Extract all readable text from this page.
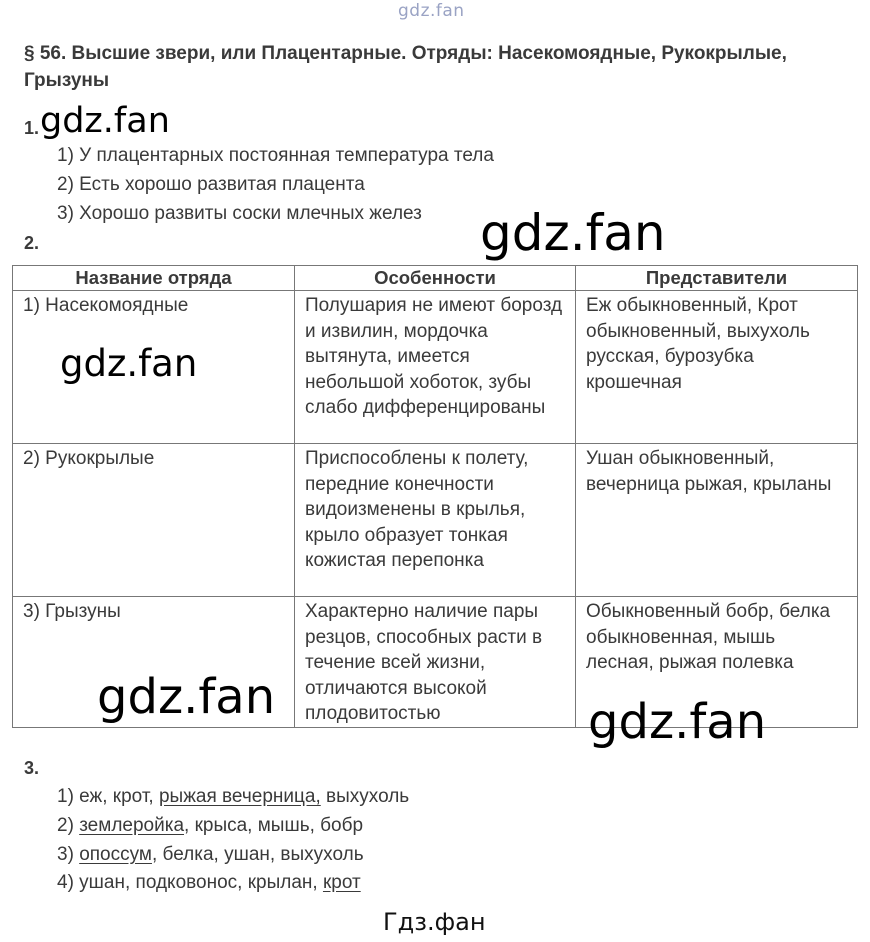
gdz.fan
§ 56. Высшие звери, или Плацентарные. Отряды: Насекомоядные, Рукокрылые, Грызуны
1.
1) У плацентарных постоянная температура тела
2) Есть хорошо развитая плацента
3) Хорошо развиты соски млечных желез
2.
Название отряда	Особенности	Представители
1) Насекомоядные	Полушария не имеют борозд и извилин, мордочка вытянута, имеется небольшой хоботок, зубы слабо дифференцированы	Еж обыкновенный, Крот обыкновенный, выхухоль русская, бурозубка крошечная
2) Рукокрылые	Приспособлены к полету, передние конечности видоизменены в крылья, крыло образует тонкая кожистая перепонка	Ушан обыкновенный, вечерница рыжая, крыланы
3) Грызуны	Характерно наличие пары резцов, способных расти в течение всей жизни, отличаются высокой плодовитостью	Обыкновенный бобр, белка обыкновенная, мышь лесная, рыжая полевка
3.
1) еж, крот, рыжая вечерница, выхухоль
2) землеройка, крыса, мышь, бобр
3) опоссум, белка, ушан, выхухоль
4) ушан, подковонос, крылан, крот
gdz.fan
gdz.fan
gdz.fan
gdz.fan	gdz.fan
Гдз.фан
